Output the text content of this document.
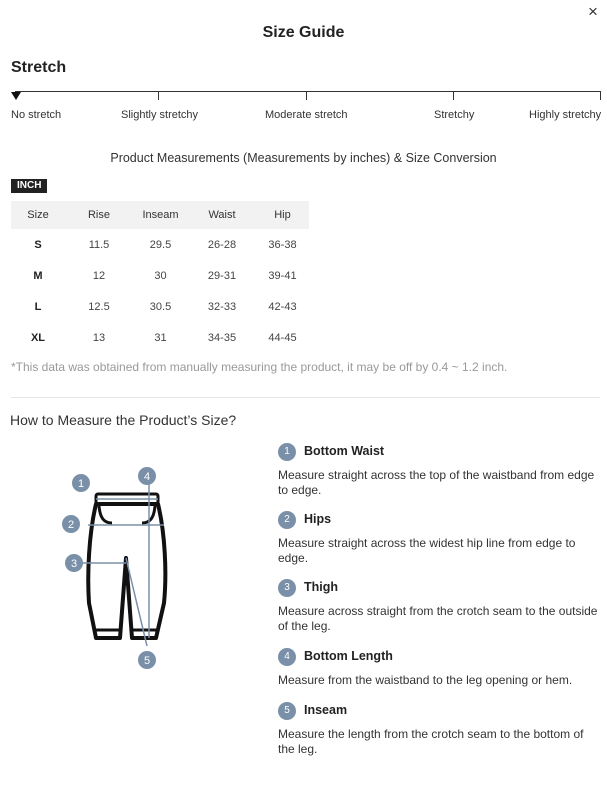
×
Size Guide
Stretch
No stretch	Slightly stretchy	Moderate stretch	Stretchy	Highly stretchy
Product Measurements (Measurements by inches) & Size Conversion
INCH
Size	Rise	Inseam	Waist	Hip
S	11.5	29.5	26-28	36-38
M	12	30	29-31	39-41
L	12.5	30.5	32-33	42-43
XL	13	31	34-35	44-45
*This data was obtained from manually measuring the product, it may be off by 0.4 ~ 1.2 inch.
How to Measure the Product’s Size?
1
2
3
4
5
1	Bottom Waist
Measure straight across the top of the waistband from edge to edge.
2	Hips
Measure straight across the widest hip line from edge to edge.
3	Thigh
Measure across straight from the crotch seam to the outside of the leg.
4	Bottom Length
Measure from the waistband to the leg opening or hem.
5	Inseam
Measure the length from the crotch seam to the bottom of the leg.
